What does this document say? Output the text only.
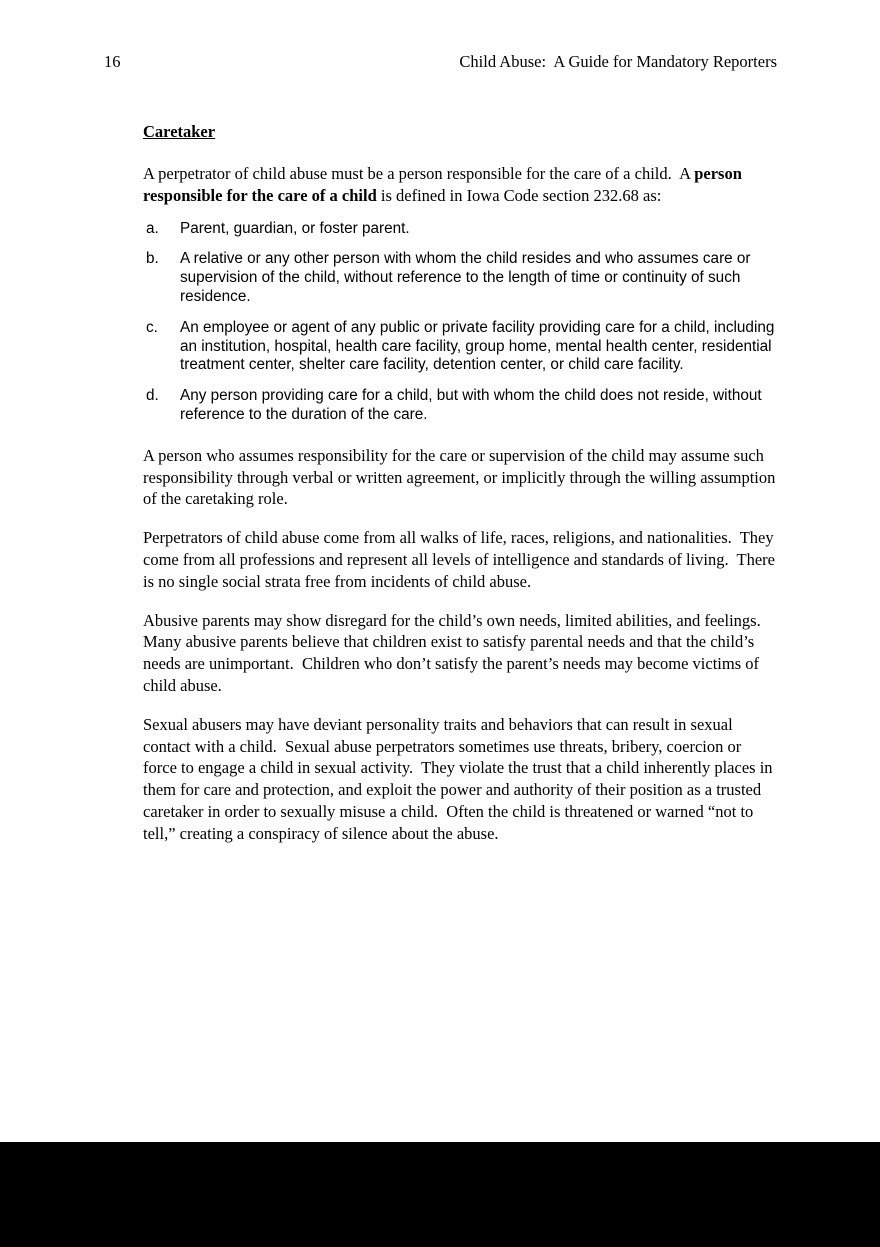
16	Child Abuse:  A Guide for Mandatory Reporters
Caretaker

A perpetrator of child abuse must be a person responsible for the care of a child.  A person responsible for the care of a child is defined in Iowa Code section 232.68 as:

a.	Parent, guardian, or foster parent.
b.	A relative or any other person with whom the child resides and who assumes care or supervision of the child, without reference to the length of time or continuity of such residence.
c.	An employee or agent of any public or private facility providing care for a child, including an institution, hospital, health care facility, group home, mental health center, residential treatment center, shelter care facility, detention center, or child care facility.
d.	Any person providing care for a child, but with whom the child does not reside, without reference to the duration of the care.

A person who assumes responsibility for the care or supervision of the child may assume such responsibility through verbal or written agreement, or implicitly through the willing assumption of the caretaking role.

Perpetrators of child abuse come from all walks of life, races, religions, and nationalities.  They come from all professions and represent all levels of intelligence and standards of living.  There is no single social strata free from incidents of child abuse.

Abusive parents may show disregard for the child’s own needs, limited abilities, and feelings.  Many abusive parents believe that children exist to satisfy parental needs and that the child’s needs are unimportant.  Children who don’t satisfy the parent’s needs may become victims of child abuse.

Sexual abusers may have deviant personality traits and behaviors that can result in sexual contact with a child.  Sexual abuse perpetrators sometimes use threats, bribery, coercion or force to engage a child in sexual activity.  They violate the trust that a child inherently places in them for care and protection, and exploit the power and authority of their position as a trusted caretaker in order to sexually misuse a child.  Often the child is threatened or warned “not to tell,” creating a conspiracy of silence about the abuse.
